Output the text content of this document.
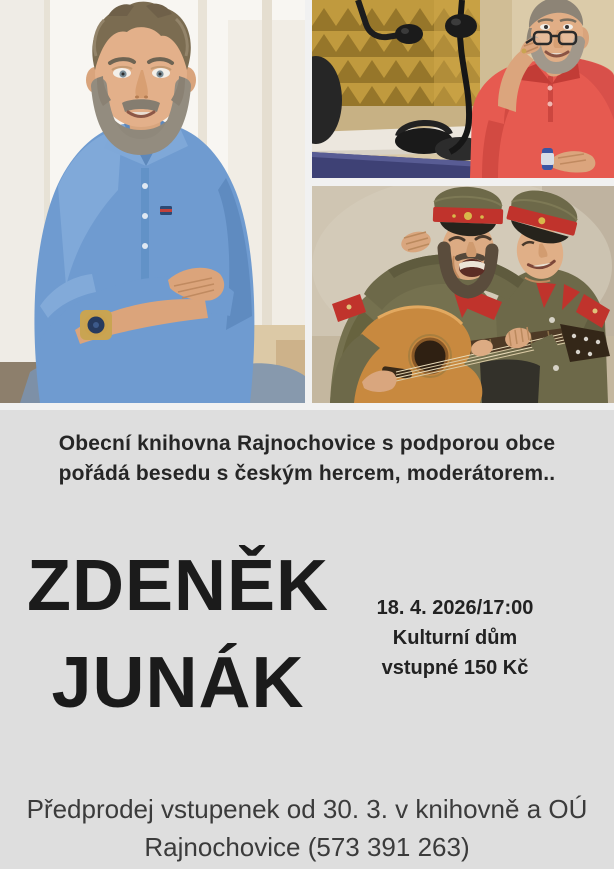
Obecní knihovna Rajnochovice s podporou obce
pořádá besedu s českým hercem, moderátorem..
ZDENĚK
JUNÁK
18. 4. 2026/17:00
Kulturní dům
vstupné 150 Kč
Předprodej vstupenek od 30. 3. v knihovně a OÚ
Rajnochovice (573 391 263)
